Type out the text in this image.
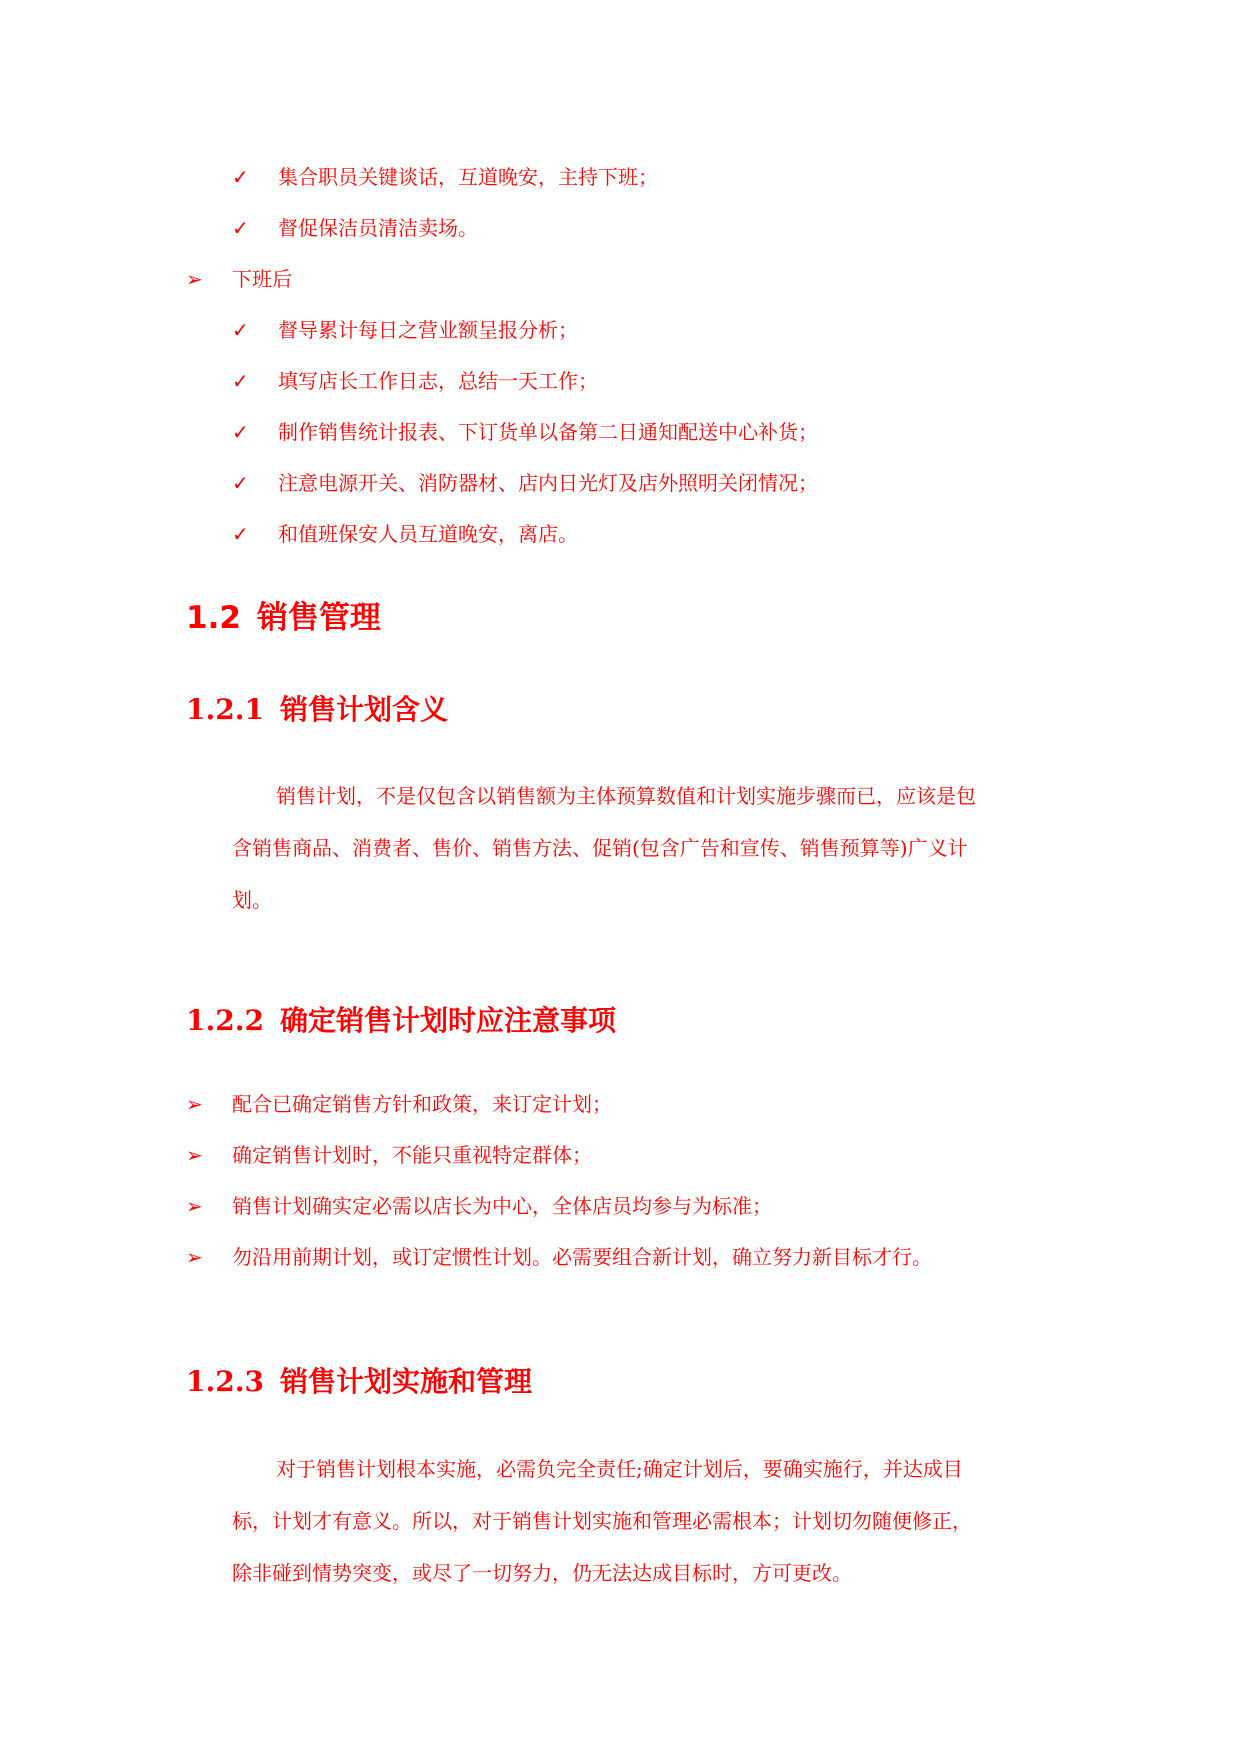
✓	集合职员关键谈话，互道晚安，主持下班；
✓	督促保洁员清洁卖场。
➢	下班后
✓	督导累计每日之营业额呈报分析；
✓	填写店长工作日志，总结一天工作；
✓	制作销售统计报表、下订货单以备第二日通知配送中心补货；
✓	注意电源开关、消防器材、店内日光灯及店外照明关闭情况；
✓	和值班保安人员互道晚安，离店。
1.2 销售管理
1.2.1 销售计划含义
销售计划，不是仅包含以销售额为主体预算数值和计划实施步骤而已，应该是包
含销售商品、消费者、售价、销售方法、促销(包含广告和宣传、销售预算等)广义计
划。
1.2.2 确定销售计划时应注意事项
➢	配合已确定销售方针和政策，来订定计划；
➢	确定销售计划时，不能只重视特定群体；
➢	销售计划确实定必需以店长为中心，全体店员均参与为标准；
➢	勿沿用前期计划，或订定惯性计划。必需要组合新计划，确立努力新目标才行。
1.2.3 销售计划实施和管理
对于销售计划根本实施，必需负完全责任;确定计划后，要确实施行，并达成目
标，计划才有意义。所以，对于销售计划实施和管理必需根本；计划切勿随便修正，
除非碰到情势突变，或尽了一切努力，仍无法达成目标时，方可更改。
